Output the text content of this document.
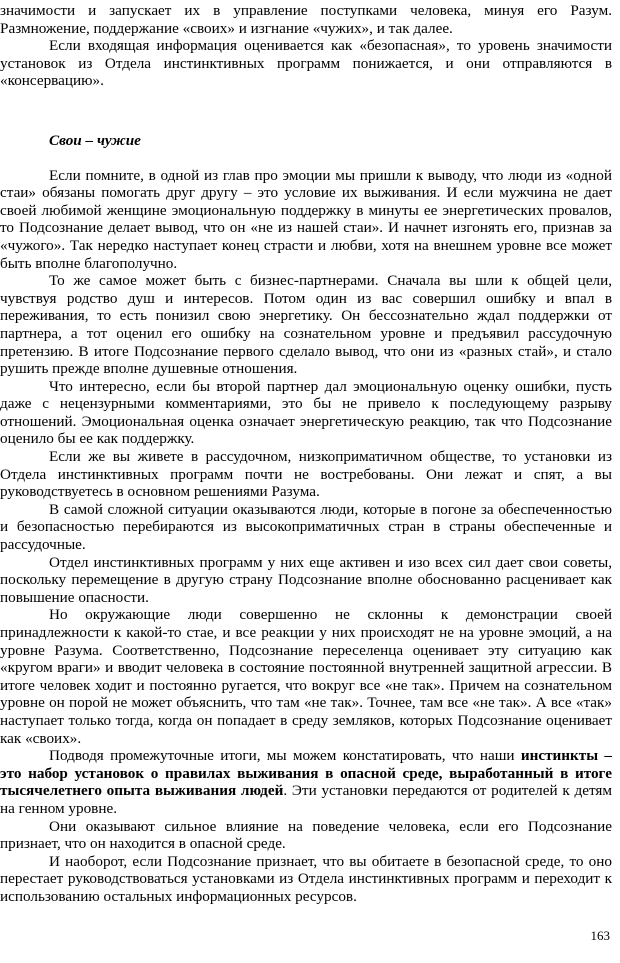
значимости и запускает их в управление поступками человека, минуя его Разум. Размножение, поддержание «своих» и изгнание «чужих», и так далее.

Если входящая информация оценивается как «безопасная», то уровень значимости установок из Отдела инстинктивных программ понижается, и они отправляются в «консервацию».

Свои – чужие

Если помните, в одной из глав про эмоции мы пришли к выводу, что люди из «одной стаи» обязаны помогать друг другу – это условие их выживания. И если мужчина не дает своей любимой женщине эмоциональную поддержку в минуты ее энергетических провалов, то Подсознание делает вывод, что он «не из нашей стаи». И начнет изгонять его, признав за «чужого». Так нередко наступает конец страсти и любви, хотя на внешнем уровне все может быть вполне благополучно.

То же самое может быть с бизнес-партнерами. Сначала вы шли к общей цели, чувствуя родство душ и интересов. Потом один из вас совершил ошибку и впал в переживания, то есть понизил свою энергетику. Он бессознательно ждал поддержки от партнера, а тот оценил его ошибку на сознательном уровне и предъявил рассудочную претензию. В итоге Подсознание первого сделало вывод, что они из «разных стай», и стало рушить прежде вполне душевные отношения.

Что интересно, если бы второй партнер дал эмоциональную оценку ошибки, пусть даже с нецензурными комментариями, это бы не привело к последующему разрыву отношений. Эмоциональная оценка означает энергетическую реакцию, так что Подсознание оценило бы ее как поддержку.

Если же вы живете в рассудочном, низкоприматичном обществе, то установки из Отдела инстинктивных программ почти не востребованы. Они лежат и спят, а вы руководствуетесь в основном решениями Разума.

В самой сложной ситуации оказываются люди, которые в погоне за обеспеченностью и безопасностью перебираются из высокоприматичных стран в страны обеспеченные и рассудочные.

Отдел инстинктивных программ у них еще активен и изо всех сил дает свои советы, поскольку перемещение в другую страну Подсознание вполне обоснованно расценивает как повышение опасности.

Но окружающие люди совершенно не склонны к демонстрации своей принадлежности к какой-то стае, и все реакции у них происходят не на уровне эмоций, а на уровне Разума. Соответственно, Подсознание переселенца оценивает эту ситуацию как «кругом враги» и вводит человека в состояние постоянной внутренней защитной агрессии. В итоге человек ходит и постоянно ругается, что вокруг все «не так». Причем на сознательном уровне он порой не может объяснить, что там «не так». Точнее, там все «не так». А все «так» наступает только тогда, когда он попадает в среду земляков, которых Подсознание оценивает как «своих».

Подводя промежуточные итоги, мы можем констатировать, что наши инстинкты – это набор установок о правилах выживания в опасной среде, выработанный в итоге тысячелетнего опыта выживания людей. Эти установки передаются от родителей к детям на генном уровне.

Они оказывают сильное влияние на поведение человека, если его Подсознание признает, что он находится в опасной среде.

И наоборот, если Подсознание признает, что вы обитаете в безопасной среде, то оно перестает руководствоваться установками из Отдела инстинктивных программ и переходит к использованию остальных информационных ресурсов.

163
